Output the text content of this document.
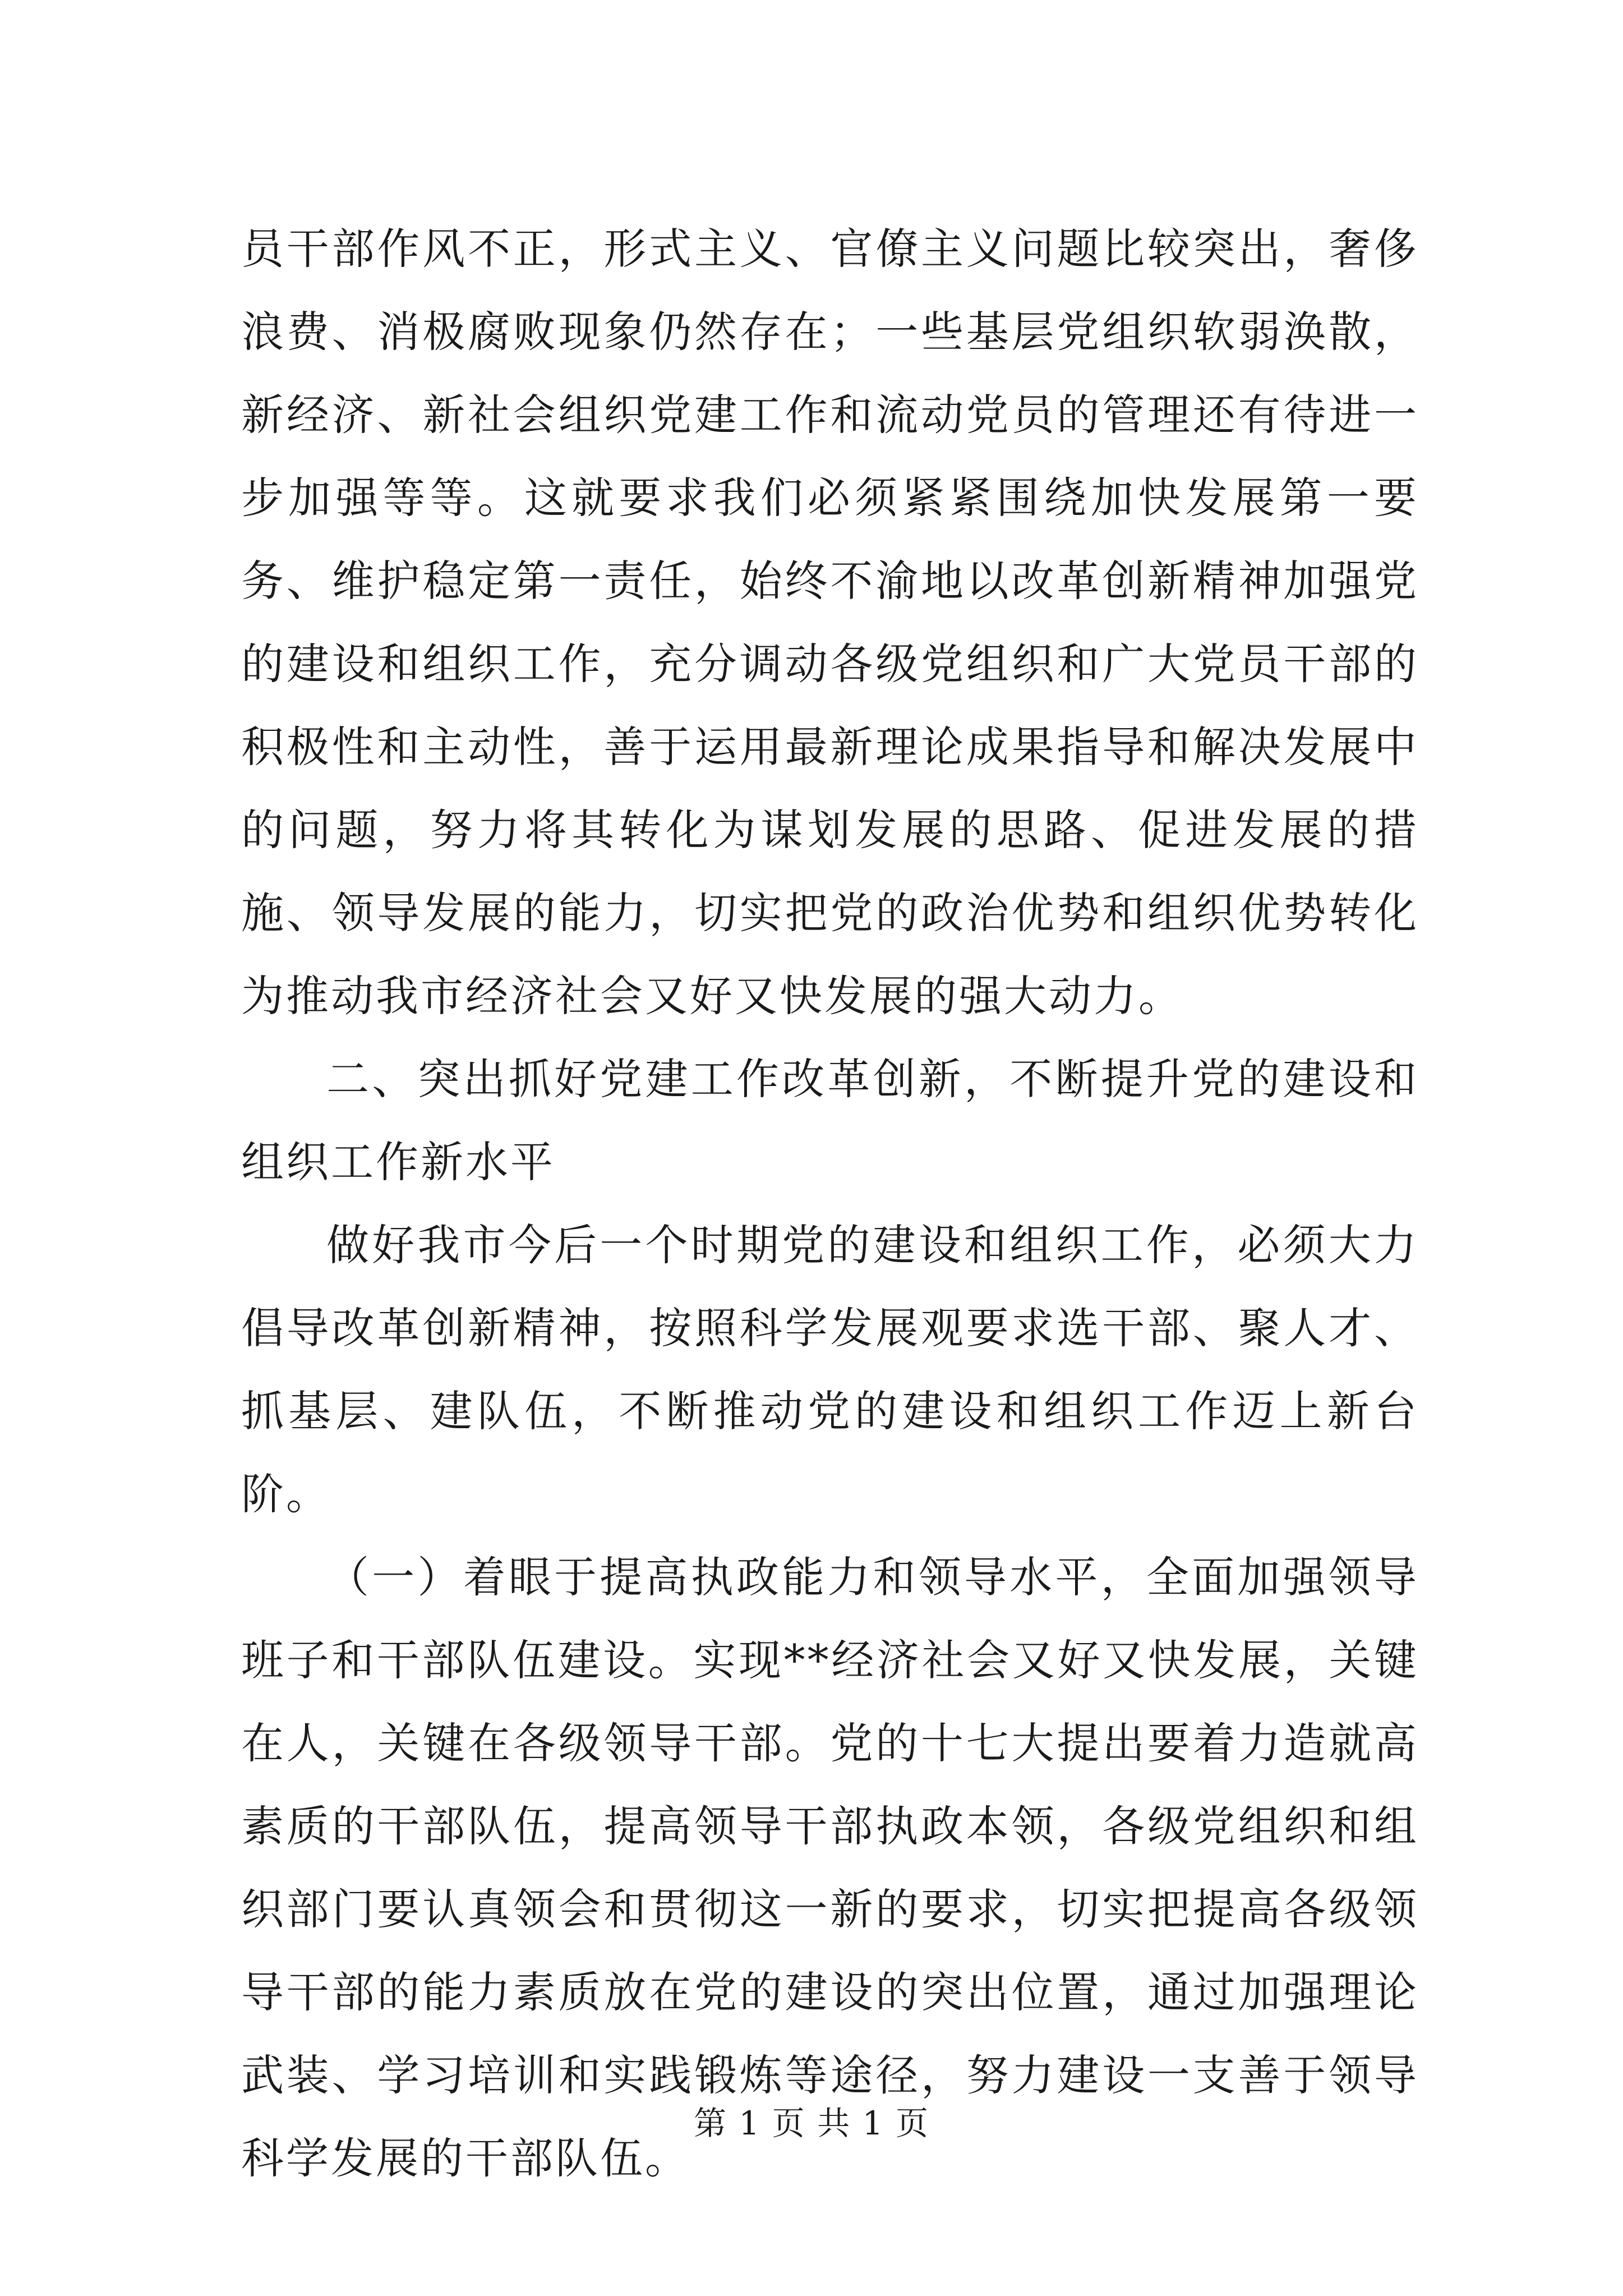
员干部作风不正，形式主义、官僚主义问题比较突出，奢侈浪费、消极腐败现象仍然存在；一些基层党组织软弱涣散，新经济、新社会组织党建工作和流动党员的管理还有待进一步加强等等。这就要求我们必须紧紧围绕加快发展第一要务、维护稳定第一责任，始终不渝地以改革创新精神加强党的建设和组织工作，充分调动各级党组织和广大党员干部的积极性和主动性，善于运用最新理论成果指导和解决发展中的问题，努力将其转化为谋划发展的思路、促进发展的措施、领导发展的能力，切实把党的政治优势和组织优势转化为推动我市经济社会又好又快发展的强大动力。

二、突出抓好党建工作改革创新，不断提升党的建设和组织工作新水平

做好我市今后一个时期党的建设和组织工作，必须大力倡导改革创新精神，按照科学发展观要求选干部、聚人才、抓基层、建队伍，不断推动党的建设和组织工作迈上新台阶。

（一）着眼于提高执政能力和领导水平，全面加强领导班子和干部队伍建设。实现**经济社会又好又快发展，关键在人，关键在各级领导干部。党的十七大提出要着力造就高素质的干部队伍，提高领导干部执政本领，各级党组织和组织部门要认真领会和贯彻这一新的要求，切实把提高各级领导干部的能力素质放在党的建设的突出位置，通过加强理论武装、学习培训和实践锻炼等途径，努力建设一支善于领导科学发展的干部队伍。

第 1 页 共 1 页
